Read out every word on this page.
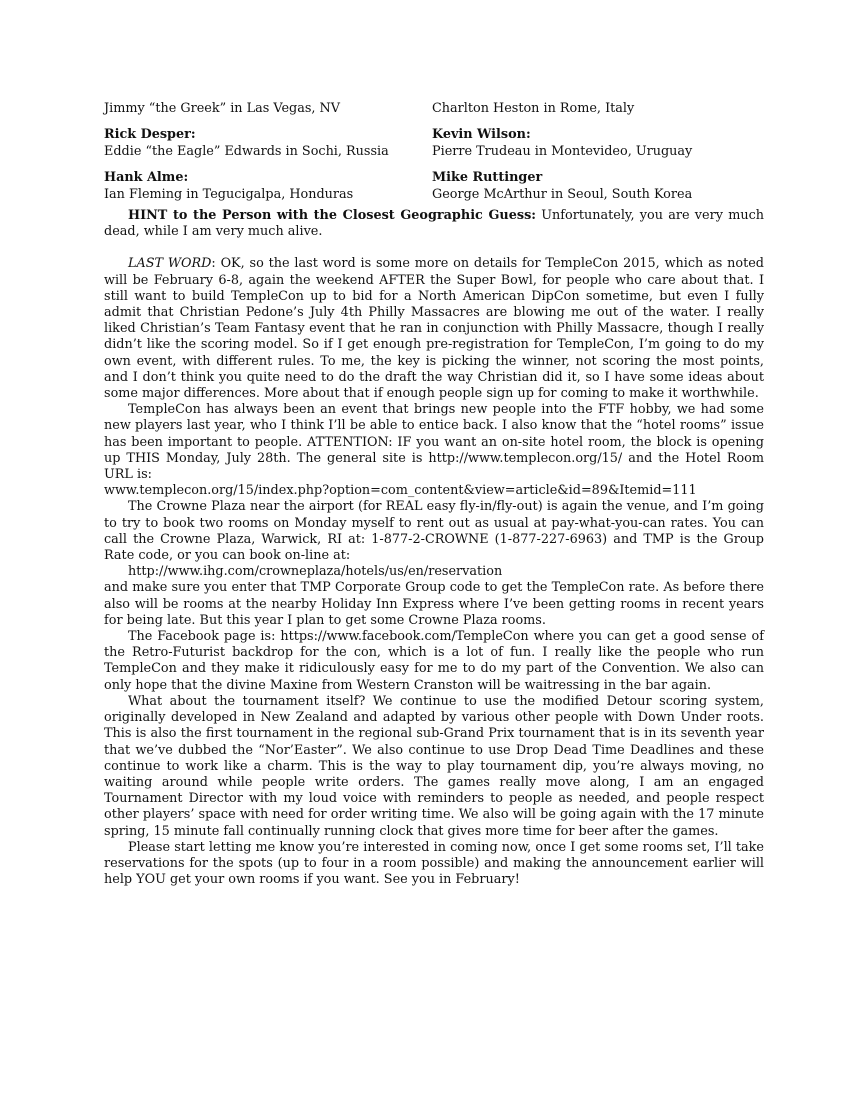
Jimmy “the Greek” in Las Vegas, NV	Charlton Heston in Rome, Italy
Rick Desper:
Eddie “the Eagle” Edwards in Sochi, Russia
Kevin Wilson:
Pierre Trudeau in Montevideo, Uruguay
Hank Alme:
Ian Fleming in Tegucigalpa, Honduras
Mike Ruttinger
George McArthur in Seoul, South Korea

HINT to the Person with the Closest Geographic Guess: Unfortunately, you are very much dead, while I am very much alive.

LAST WORD: OK, so the last word is some more on details for TempleCon 2015, which as noted will be February 6-8, again the weekend AFTER the Super Bowl, for people who care about that. I still want to build TempleCon up to bid for a North American DipCon sometime, but even I fully admit that Christian Pedone’s July 4th Philly Massacres are blowing me out of the water. I really liked Christian’s Team Fantasy event that he ran in conjunction with Philly Massacre, though I really didn’t like the scoring model. So if I get enough pre-registration for TempleCon, I’m going to do my own event, with different rules. To me, the key is picking the winner, not scoring the most points, and I don’t think you quite need to do the draft the way Christian did it, so I have some ideas about some major differences. More about that if enough people sign up for coming to make it worthwhile.

TempleCon has always been an event that brings new people into the FTF hobby, we had some new players last year, who I think I’ll be able to entice back. I also know that the “hotel rooms” issue has been important to people. ATTENTION: IF you want an on-site hotel room, the block is opening up THIS Monday, July 28th. The general site is http://www.templecon.org/15/ and the Hotel Room URL is:

www.templecon.org/15/index.php?option=com_content&view=article&id=89&Itemid=111

The Crowne Plaza near the airport (for REAL easy fly-in/fly-out) is again the venue, and I’m going to try to book two rooms on Monday myself to rent out as usual at pay-what-you-can rates. You can call the Crowne Plaza, Warwick, RI at: 1-877-2-CROWNE (1-877-227-6963) and TMP is the Group Rate code, or you can book on-line at:

http://www.ihg.com/crowneplaza/hotels/us/en/reservation

and make sure you enter that TMP Corporate Group code to get the TempleCon rate. As before there also will be rooms at the nearby Holiday Inn Express where I’ve been getting rooms in recent years for being late. But this year I plan to get some Crowne Plaza rooms.

The Facebook page is: https://www.facebook.com/TempleCon where you can get a good sense of the Retro-Futurist backdrop for the con, which is a lot of fun. I really like the people who run TempleCon and they make it ridiculously easy for me to do my part of the Convention. We also can only hope that the divine Maxine from Western Cranston will be waitressing in the bar again.

What about the tournament itself? We continue to use the modified Detour scoring system, originally developed in New Zealand and adapted by various other people with Down Under roots. This is also the first tournament in the regional sub-Grand Prix tournament that is in its seventh year that we’ve dubbed the “Nor’Easter”. We also continue to use Drop Dead Time Deadlines and these continue to work like a charm. This is the way to play tournament dip, you’re always moving, no waiting around while people write orders. The games really move along, I am an engaged Tournament Director with my loud voice with reminders to people as needed, and people respect other players’ space with need for order writing time. We also will be going again with the 17 minute spring, 15 minute fall continually running clock that gives more time for beer after the games.

Please start letting me know you’re interested in coming now, once I get some rooms set, I’ll take reservations for the spots (up to four in a room possible) and making the announcement earlier will help YOU get your own rooms if you want. See you in February!
